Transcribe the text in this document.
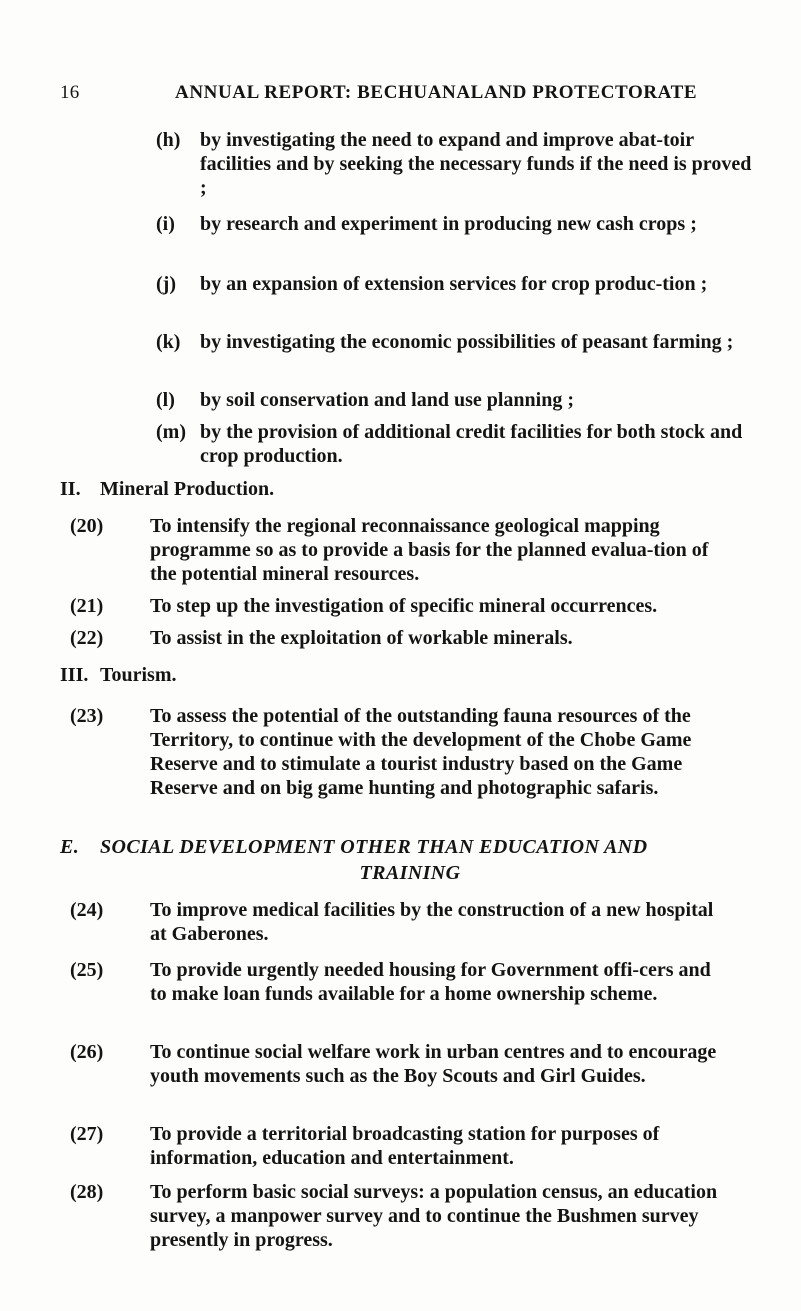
16	ANNUAL REPORT: BECHUANALAND PROTECTORATE
(h) by investigating the need to expand and improve abat-toir facilities and by seeking the necessary funds if the need is proved ;
(i) by research and experiment in producing new cash crops ;
(j) by an expansion of extension services for crop produc-tion ;
(k) by investigating the economic possibilities of peasant farming ;
(l) by soil conservation and land use planning ;
(m) by the provision of additional credit facilities for both stock and crop production.
II. Mineral Production.
(20) To intensify the regional reconnaissance geological mapping programme so as to provide a basis for the planned evalua-tion of the potential mineral resources.
(21) To step up the investigation of specific mineral occurrences.
(22) To assist in the exploitation of workable minerals.
III. Tourism.
(23) To assess the potential of the outstanding fauna resources of the Territory, to continue with the development of the Chobe Game Reserve and to stimulate a tourist industry based on the Game Reserve and on big game hunting and photographic safaris.
E. SOCIAL DEVELOPMENT OTHER THAN EDUCATION AND
TRAINING
(24) To improve medical facilities by the construction of a new hospital at Gaberones.
(25) To provide urgently needed housing for Government offi-cers and to make loan funds available for a home ownership scheme.
(26) To continue social welfare work in urban centres and to encourage youth movements such as the Boy Scouts and Girl Guides.
(27) To provide a territorial broadcasting station for purposes of information, education and entertainment.
(28) To perform basic social surveys: a population census, an education survey, a manpower survey and to continue the Bushmen survey presently in progress.
